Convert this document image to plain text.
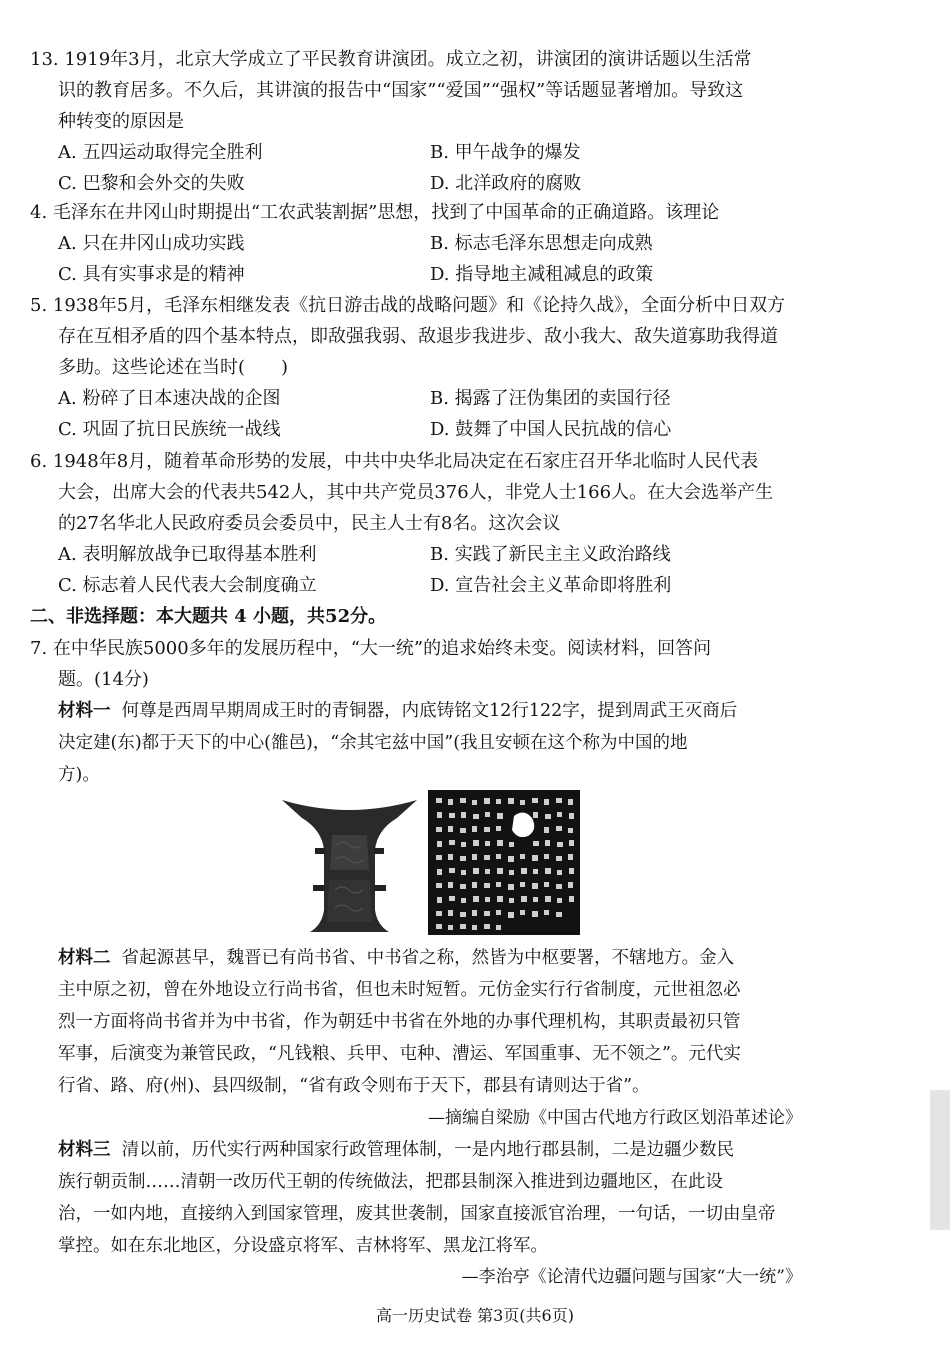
13. 1919年3月，北京大学成立了平民教育讲演团。成立之初，讲演团的演讲话题以生活常
识的教育居多。不久后，其讲演的报告中“国家”“爱国”“强权”等话题显著增加。导致这
种转变的原因是
A. 五四运动取得完全胜利	B. 甲午战争的爆发
C. 巴黎和会外交的失败	D. 北洋政府的腐败
4. 毛泽东在井冈山时期提出“工农武装割据”思想，找到了中国革命的正确道路。该理论
A. 只在井冈山成功实践	B. 标志毛泽东思想走向成熟
C. 具有实事求是的精神	D. 指导地主减租减息的政策
5. 1938年5月，毛泽东相继发表《抗日游击战的战略问题》和《论持久战》，全面分析中日双方
存在互相矛盾的四个基本特点，即敌强我弱、敌退步我进步、敌小我大、敌失道寡助我得道
多助。这些论述在当时(　　)
A. 粉碎了日本速决战的企图	B. 揭露了汪伪集团的卖国行径
C. 巩固了抗日民族统一战线	D. 鼓舞了中国人民抗战的信心
6. 1948年8月，随着革命形势的发展，中共中央华北局决定在石家庄召开华北临时人民代表
大会，出席大会的代表共542人，其中共产党员376人，非党人士166人。在大会选举产生
的27名华北人民政府委员会委员中，民主人士有8名。这次会议
A. 表明解放战争已取得基本胜利	B. 实践了新民主主义政治路线
C. 标志着人民代表大会制度确立	D. 宣告社会主义革命即将胜利
二、非选择题：本大题共 4 小题，共52分。
7. 在中华民族5000多年的发展历程中，“大一统”的追求始终未变。阅读材料，回答问
题。(14分)
材料一 何尊是西周早期周成王时的青铜器，内底铸铭文12行122字，提到周武王灭商后
决定建(东)都于天下的中心(雒邑)，“余其宅兹中国”(我且安顿在这个称为中国的地
方)。
材料二 省起源甚早，魏晋已有尚书省、中书省之称，然皆为中枢要署，不辖地方。金入
主中原之初，曾在外地设立行尚书省，但也未时短暂。元仿金实行行省制度，元世祖忽必
烈一方面将尚书省并为中书省，作为朝廷中书省在外地的办事代理机构，其职责最初只管
军事，后演变为兼管民政，“凡钱粮、兵甲、屯种、漕运、军国重事、无不领之”。元代实
行省、路、府(州)、县四级制，“省有政令则布于天下，郡县有请则达于省”。
—摘编自梁励《中国古代地方行政区划沿革述论》
材料三 清以前，历代实行两种国家行政管理体制，一是内地行郡县制，二是边疆少数民
族行朝贡制……清朝一改历代王朝的传统做法，把郡县制深入推进到边疆地区，在此设
治，一如内地，直接纳入到国家管理，废其世袭制，国家直接派官治理，一句话，一切由皇帝
掌控。如在东北地区，分设盛京将军、吉林将军、黑龙江将军。
—李治亭《论清代边疆问题与国家“大一统”》
高一历史试卷 第3页(共6页)
